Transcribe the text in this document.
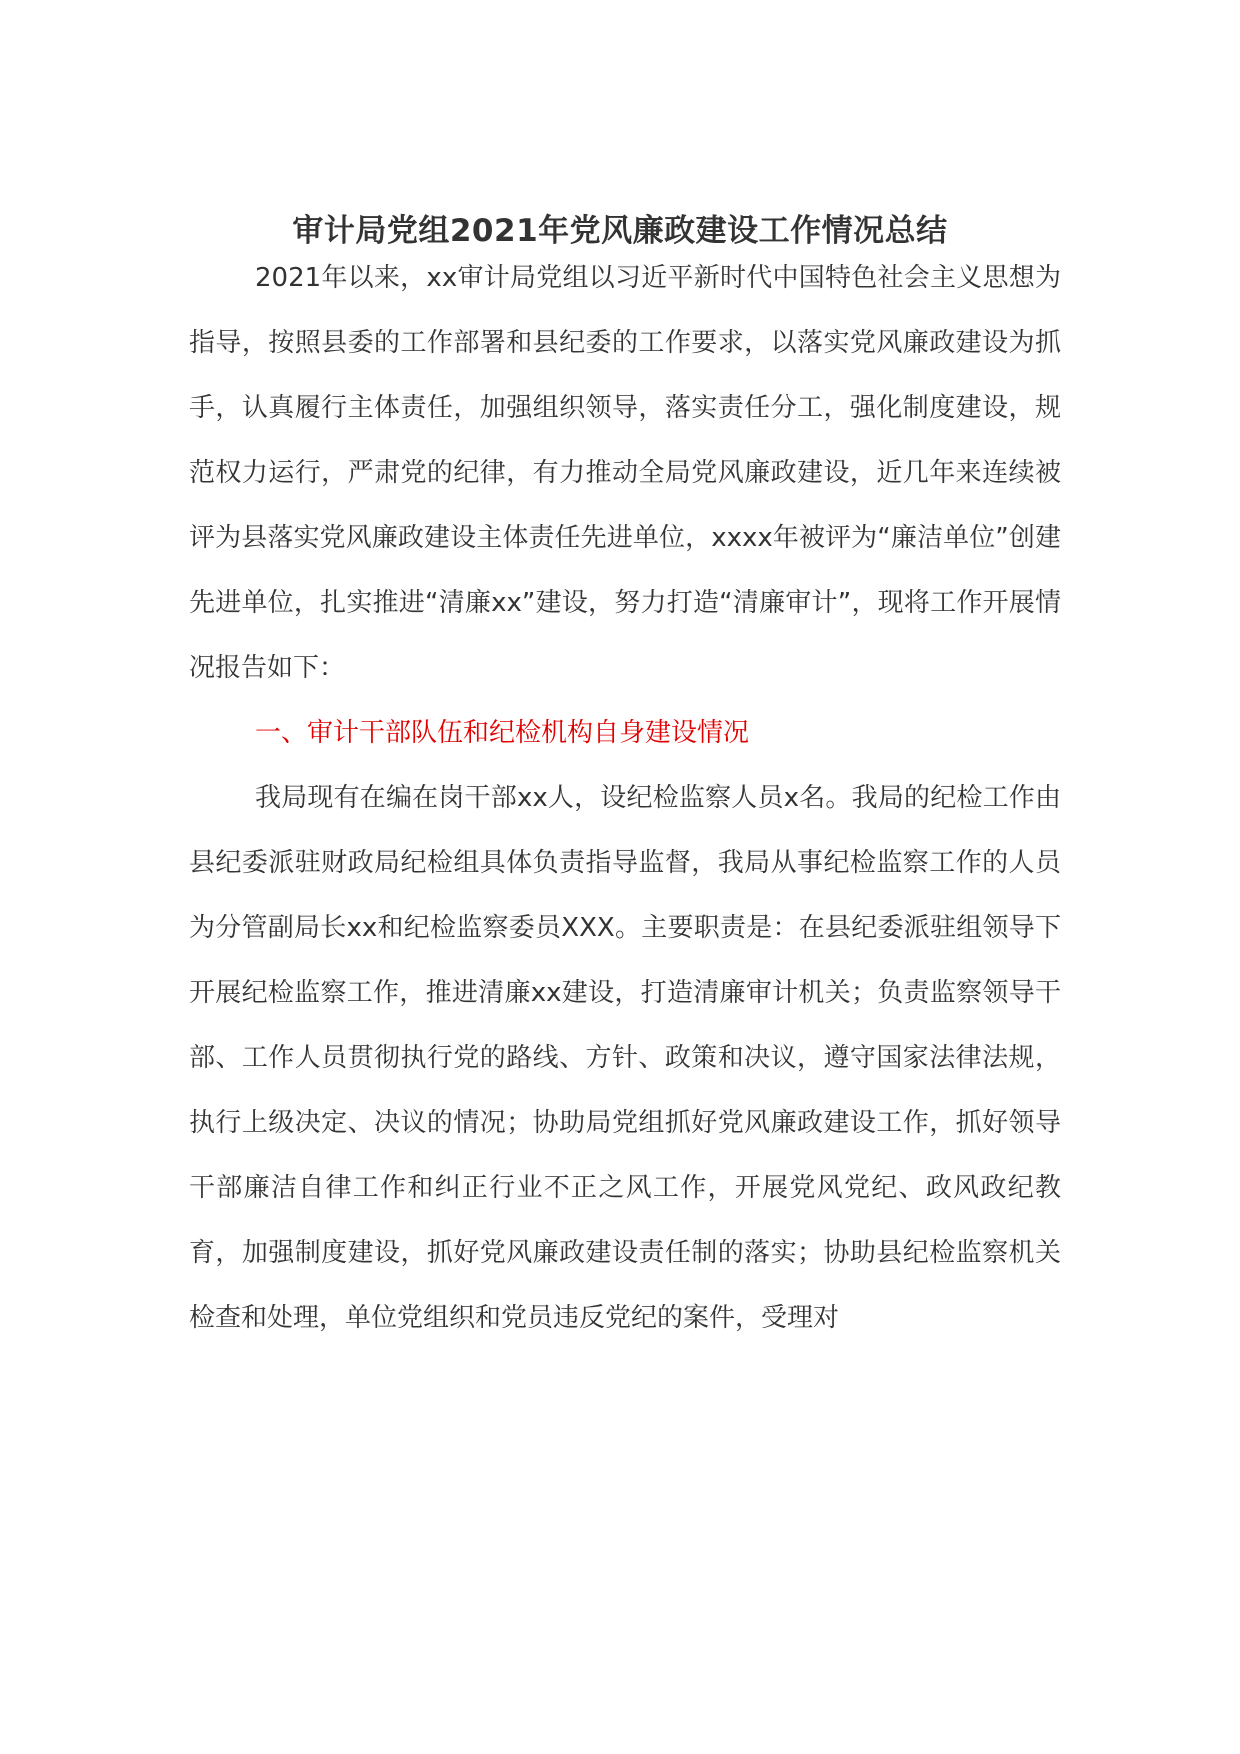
审计局党组2021年党风廉政建设工作情况总结

2021年以来，xx审计局党组以习近平新时代中国特色社会主义思想为指导，按照县委的工作部署和县纪委的工作要求，以落实党风廉政建设为抓手，认真履行主体责任，加强组织领导，落实责任分工，强化制度建设，规范权力运行，严肃党的纪律，有力推动全局党风廉政建设，近几年来连续被评为县落实党风廉政建设主体责任先进单位，xxxx年被评为“廉洁单位”创建先进单位，扎实推进“清廉xx”建设，努力打造“清廉审计”，现将工作开展情况报告如下：

一、审计干部队伍和纪检机构自身建设情况

我局现有在编在岗干部xx人，设纪检监察人员x名。我局的纪检工作由县纪委派驻财政局纪检组具体负责指导监督，我局从事纪检监察工作的人员为分管副局长xx和纪检监察委员XXX。主要职责是：在县纪委派驻组领导下开展纪检监察工作，推进清廉xx建设，打造清廉审计机关；负责监察领导干部、工作人员贯彻执行党的路线、方针、政策和决议，遵守国家法律法规，执行上级决定、决议的情况；协助局党组抓好党风廉政建设工作，抓好领导干部廉洁自律工作和纠正行业不正之风工作，开展党风党纪、政风政纪教育，加强制度建设，抓好党风廉政建设责任制的落实；协助县纪检监察机关检查和处理，单位党组织和党员违反党纪的案件，受理对
